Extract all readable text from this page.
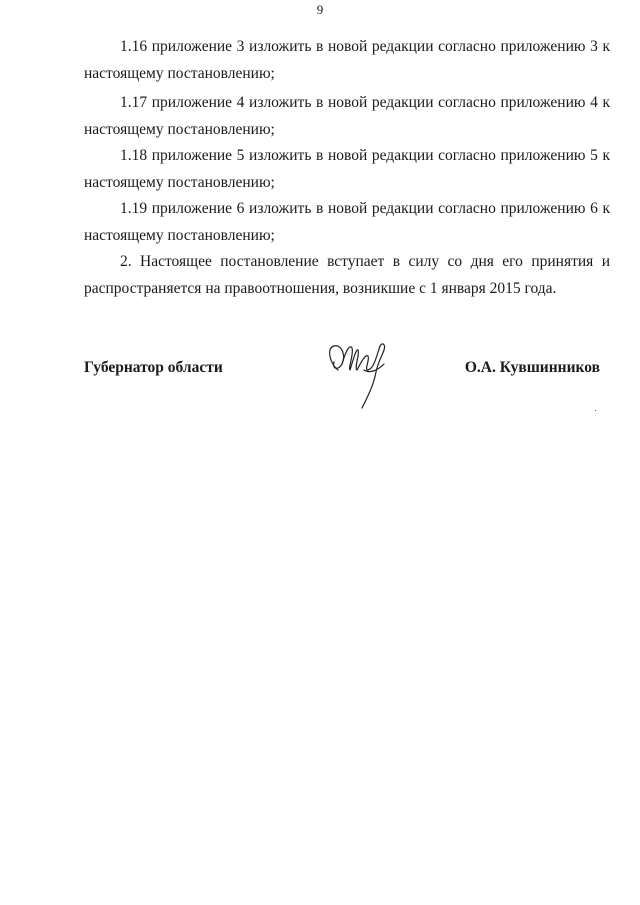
9
1.16 приложение 3 изложить в новой редакции согласно приложению 3 к
настоящему постановлению;
1.17 приложение 4 изложить в новой редакции согласно приложению 4 к
настоящему постановлению;
1.18 приложение 5 изложить в новой редакции согласно приложению 5 к
настоящему постановлению;
1.19 приложение 6 изложить в новой редакции согласно приложению 6 к
настоящему постановлению;
2. Настоящее постановление вступает в силу со дня его принятия и
распространяется на правоотношения, возникшие с 1 января 2015 года.
Губернатор области	О.А. Кувшинников
